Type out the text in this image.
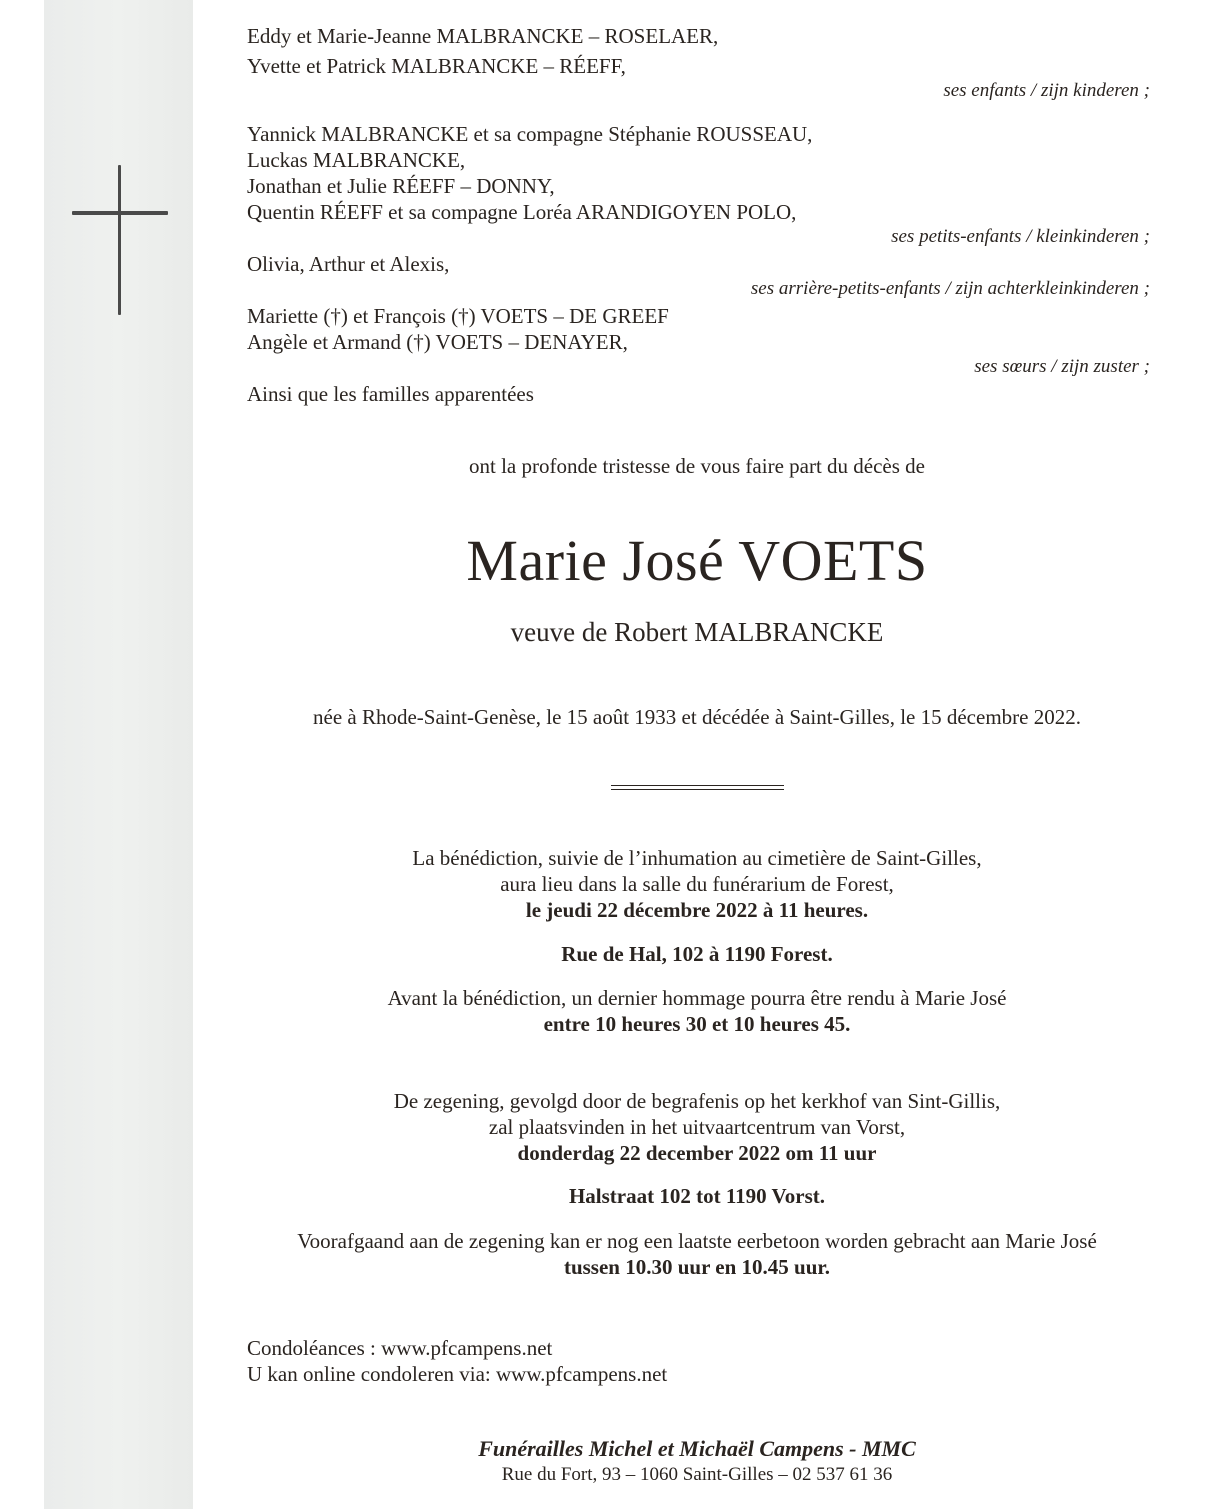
Eddy et Marie-Jeanne MALBRANCKE – ROSELAER,
Yvette et Patrick MALBRANCKE – RÉEFF,
ses enfants / zijn kinderen ;
Yannick MALBRANCKE et sa compagne Stéphanie ROUSSEAU,
Luckas MALBRANCKE,
Jonathan et Julie RÉEFF – DONNY,
Quentin RÉEFF et sa compagne Loréa ARANDIGOYEN POLO,
ses petits-enfants / kleinkinderen ;
Olivia, Arthur et Alexis,
ses arrière-petits-enfants / zijn achterkleinkinderen ;
Mariette (†) et François (†) VOETS – DE GREEF
Angèle et Armand (†) VOETS – DENAYER,
ses sœurs / zijn zuster ;
Ainsi que les familles apparentées
ont la profonde tristesse de vous faire part du décès de
Marie José VOETS
veuve de Robert MALBRANCKE
née à Rhode-Saint-Genèse, le 15 août 1933 et décédée à Saint-Gilles, le 15 décembre 2022.
La bénédiction, suivie de l’inhumation au cimetière de Saint-Gilles,
aura lieu dans la salle du funérarium de Forest,
le jeudi 22 décembre 2022 à 11 heures.
Rue de Hal, 102 à 1190 Forest.
Avant la bénédiction, un dernier hommage pourra être rendu à Marie José
entre 10 heures 30 et 10 heures 45.
De zegening, gevolgd door de begrafenis op het kerkhof van Sint-Gillis,
zal plaatsvinden in het uitvaartcentrum van Vorst,
donderdag 22 december 2022 om 11 uur
Halstraat 102 tot 1190 Vorst.
Voorafgaand aan de zegening kan er nog een laatste eerbetoon worden gebracht aan Marie José
tussen 10.30 uur en 10.45 uur.
Condoléances : www.pfcampens.net
U kan online condoleren via: www.pfcampens.net
Funérailles Michel et Michaël Campens - MMC
Rue du Fort, 93 – 1060 Saint-Gilles – 02 537 61 36
